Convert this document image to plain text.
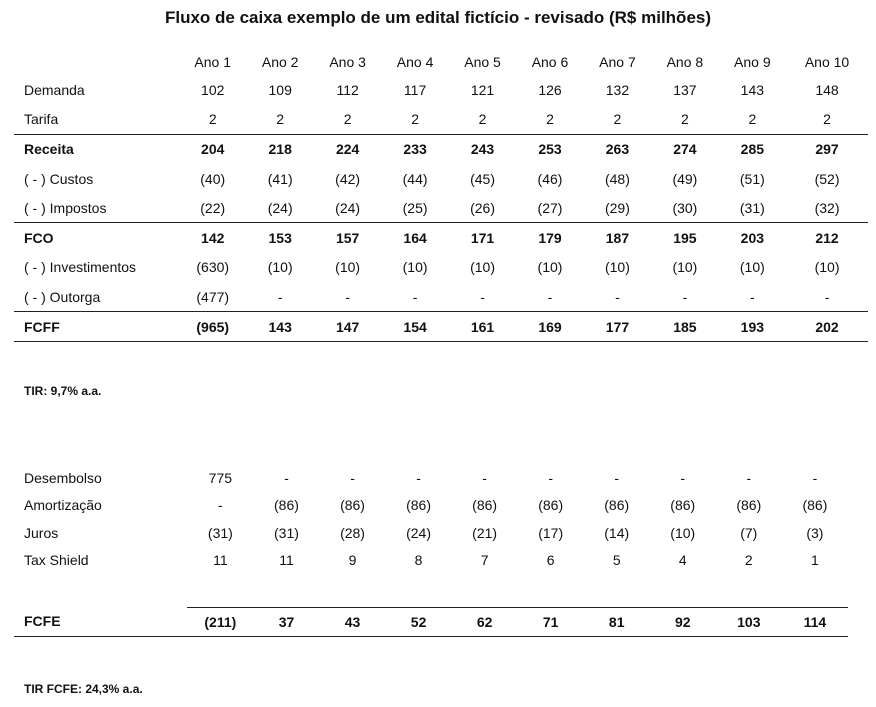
Fluxo de caixa exemplo de um edital fictício - revisado (R$ milhões)
	Ano 1	Ano 2	Ano 3	Ano 4	Ano 5	Ano 6	Ano 7	Ano 8	Ano 9	Ano 10
Demanda	102	109	112	117	121	126	132	137	143	148
Tarifa	2	2	2	2	2	2	2	2	2	2
Receita	204	218	224	233	243	253	263	274	285	297
( - ) Custos	(40)	(41)	(42)	(44)	(45)	(46)	(48)	(49)	(51)	(52)
( - ) Impostos	(22)	(24)	(24)	(25)	(26)	(27)	(29)	(30)	(31)	(32)
FCO	142	153	157	164	171	179	187	195	203	212
( - ) Investimentos	(630)	(10)	(10)	(10)	(10)	(10)	(10)	(10)	(10)	(10)
( - ) Outorga	(477)	-	-	-	-	-	-	-	-	-
FCFF	(965)	143	147	154	161	169	177	185	193	202
TIR: 9,7% a.a.
Desembolso	775	-	-	-	-	-	-	-	-	-
Amortização	-	(86)	(86)	(86)	(86)	(86)	(86)	(86)	(86)	(86)
Juros	(31)	(31)	(28)	(24)	(21)	(17)	(14)	(10)	(7)	(3)
Tax Shield	11	11	9	8	7	6	5	4	2	1

FCFE	(211)	37	43	52	62	71	81	92	103	114
TIR FCFE: 24,3% a.a.
